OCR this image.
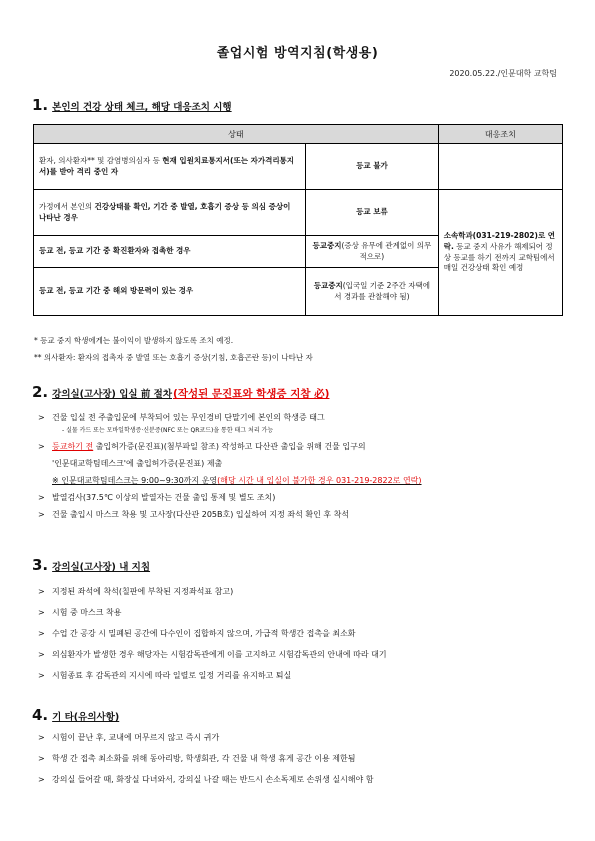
졸업시험 방역지침(학생용)
2020.05.22./인문대학 교학팀
1. 본인의 건강 상태 체크, 해당 대응조치 시행
상태		대응조치
환자, 의사환자** 및 감염병의심자 등 현재 입원치료통지서(또는 자가격리통지서)를 받아 격리 중인 자	등교 불가	
가정에서 본인의 건강상태를 확인, 기간 중 발열, 호흡기 증상 등 의심 증상이 나타난 경우	등교 보류	소속학과(031-219-2802)로 연락. 등교 중지 사유가 해제되어 정상 등교를 하기 전까지 교학팀에서 매일 건강상태 확인 예정
등교 전, 등교 기간 중 확진환자와 접촉한 경우	등교중지(증상 유무에 관계없이 의무적으로)	
등교 전, 등교 기간 중 해외 방문력이 있는 경우	등교중지(입국일 기준 2주간 자택에서 경과를 관찰해야 됨)	
* 등교 중지 학생에게는 불이익이 발생하지 않도록 조치 예정.
** 의사환자: 환자의 접촉자 중 발열 또는 호흡기 증상(기침, 호흡곤란 등)이 나타난 자
2. 강의실(고사장) 입실 前 절차 (작성된 문진표와 학생증 지참 必)
> 건물 입실 전 주출입문에 부착되어 있는 무인경비 단말기에 본인의 학생증 태그
- 실물 카드 또는 모바일학생증·신분증(NFC 또는 QR코드)을 통한 태그 처리 가능
> 등교하기 전 출입허가증(문진표)(첨부파일 참조) 작성하고 다산관 출입을 위해 건물 입구의
'인문대교학팀데스크'에 출입허가증(문진표) 제출
※ 인문대교학팀데스크는 9:00~9:30까지 운영(해당 시간 내 입실이 불가한 경우 031-219-2822로 연락)
> 발열검사(37.5℃ 이상의 발열자는 건물 출입 통제 및 별도 조치)
> 건물 출입시 마스크 착용 및 고사장(다산관 205B호) 입실하여 지정 좌석 확인 후 착석
3. 강의실(고사장) 내 지침
> 지정된 좌석에 착석(칠판에 부착된 지정좌석표 참고)
> 시험 중 마스크 착용
> 수업 간 공강 시 밀폐된 공간에 다수인이 집합하지 않으며, 가급적 학생간 접촉을 최소화
> 의심환자가 발생한 경우 해당자는 시험감독관에게 이를 고지하고 시험감독관의 안내에 따라 대기
> 시험종료 후 감독관의 지시에 따라 일렬로 일정 거리를 유지하고 퇴실
4. 기 타(유의사항)
> 시험이 끝난 후, 교내에 머무르지 않고 즉시 귀가
> 학생 간 접촉 최소화를 위해 동아리방, 학생회관, 각 건물 내 학생 휴게 공간 이용 제한됨
> 강의실 들어갈 때, 화장실 다녀와서, 강의실 나갈 때는 반드시 손소독제로 손위생 실시해야 함
